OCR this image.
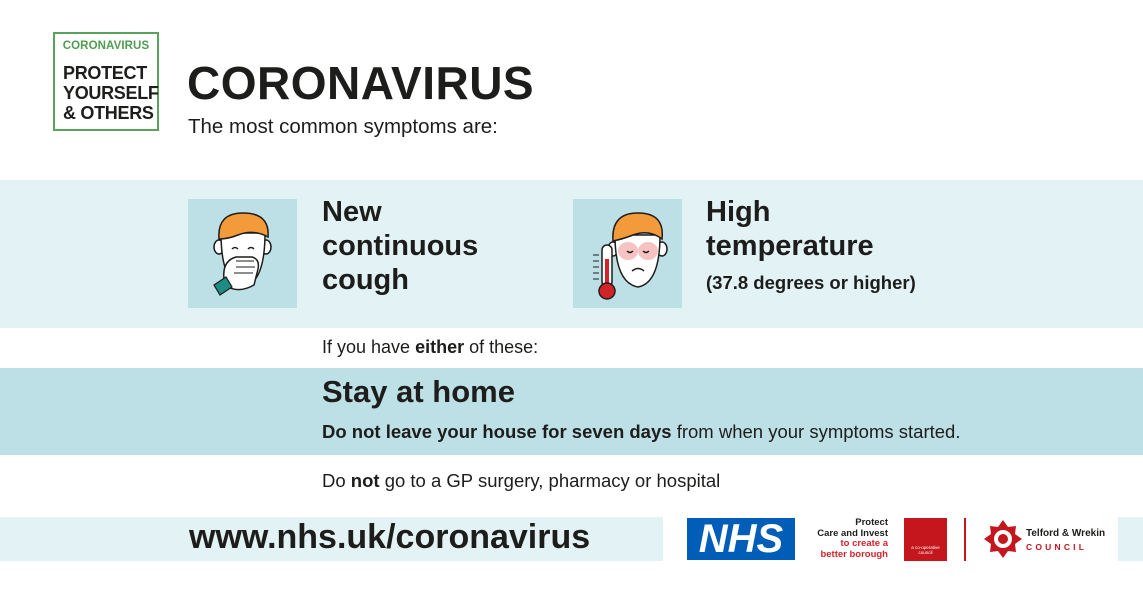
CORONAVIRUS
PROTECT
YOURSELF
& OTHERS
CORONAVIRUS
The most common symptoms are:
New
continuous
cough
High
temperature
(37.8 degrees or higher)
If you have either of these:
Stay at home
Do not leave your house for seven days from when your symptoms started.
Do not go to a GP surgery, pharmacy or hospital
www.nhs.uk/coronavirus	NHS	Protect
Care and Invest
to create a
better borough
a co-operative council
Telford & Wrekin
COUNCIL
